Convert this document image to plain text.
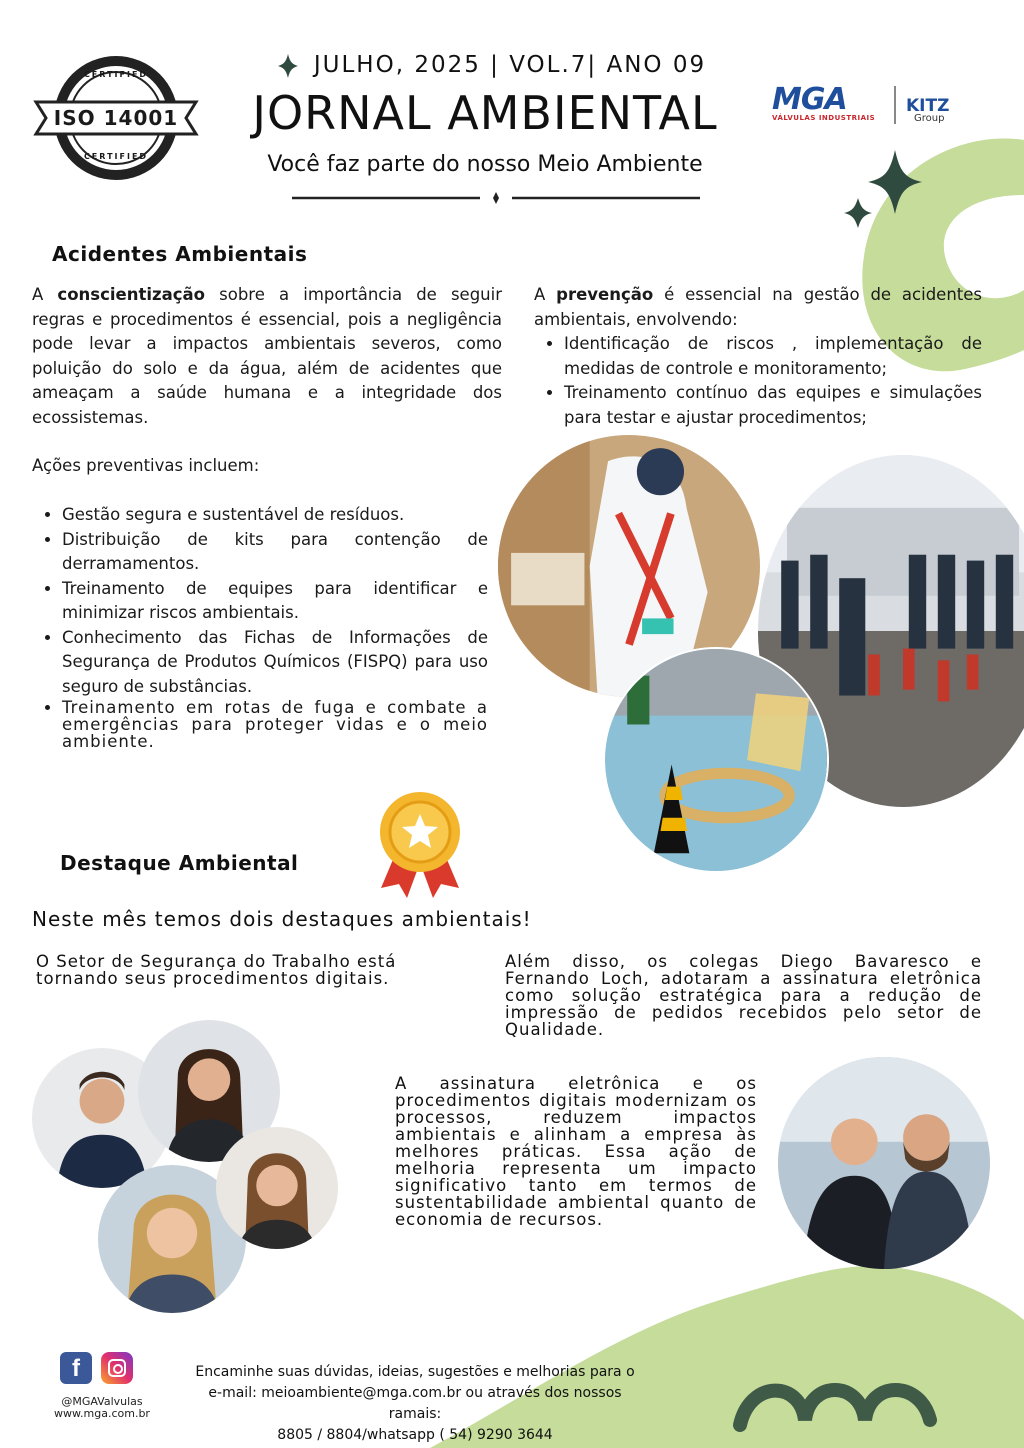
ISO 14001
CERTIFIED
CERTIFIED
JULHO, 2025 | VOL.7| ANO 09
JORNAL AMBIENTAL
Você faz parte do nosso Meio Ambiente
MGA
VÁLVULAS INDUSTRIAIS
KITZ
Group
Acidentes Ambientais
A conscientização sobre a importância de seguir regras e procedimentos é essencial, pois a negligência pode levar a impactos ambientais severos, como poluição do solo e da água, além de acidentes que ameaçam a saúde humana e a integridade dos ecossistemas.
Ações preventivas incluem:
• Gestão segura e sustentável de resíduos.
• Distribuição de kits para contenção de derramamentos.
• Treinamento de equipes para identificar e minimizar riscos ambientais.
• Conhecimento das Fichas de Informações de Segurança de Produtos Químicos (FISPQ) para uso seguro de substâncias.
• Treinamento em rotas de fuga e combate a emergências para proteger vidas e o meio ambiente.
A prevenção é essencial na gestão de acidentes ambientais, envolvendo:
• Identificação de riscos , implementação de medidas de controle e monitoramento;
• Treinamento contínuo das equipes e simulações para testar e ajustar procedimentos;
Destaque Ambiental
Neste mês temos dois destaques ambientais!
O Setor de Segurança do Trabalho está tornando seus procedimentos digitais.
Além disso, os colegas Diego Bavaresco e Fernando Loch, adotaram a assinatura eletrônica como solução estratégica para a redução de impressão de pedidos recebidos pelo setor de Qualidade.
A assinatura eletrônica e os procedimentos digitais modernizam os processos, reduzem impactos ambientais e alinham a empresa às melhores práticas. Essa ação de melhoria representa um impacto significativo tanto em termos de sustentabilidade ambiental quanto de economia de recursos.
f
@MGAValvulas
www.mga.com.br
Encaminhe suas dúvidas, ideias, sugestões e melhorias para o
e-mail: meioambiente@mga.com.br ou através dos nossos ramais:
8805 / 8804/whatsapp ( 54) 9290 3644
